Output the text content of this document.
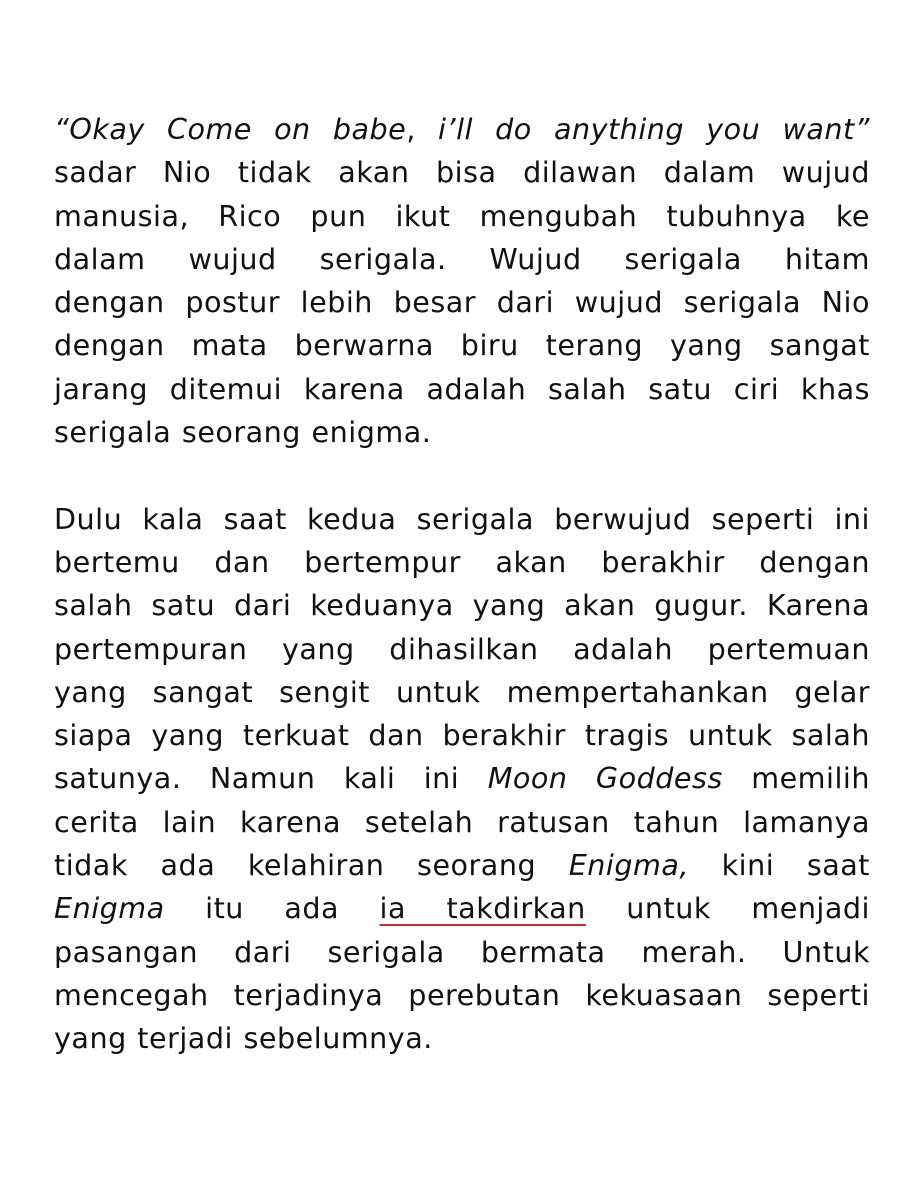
“Okay Come on babe, i’ll do anything you want”
sadar Nio tidak akan bisa dilawan dalam wujud
manusia, Rico pun ikut mengubah tubuhnya ke
dalam wujud serigala. Wujud serigala hitam
dengan postur lebih besar dari wujud serigala Nio
dengan mata berwarna biru terang yang sangat
jarang ditemui karena adalah salah satu ciri khas
serigala seorang enigma.

Dulu kala saat kedua serigala berwujud seperti ini
bertemu dan bertempur akan berakhir dengan
salah satu dari keduanya yang akan gugur. Karena
pertempuran yang dihasilkan adalah pertemuan
yang sangat sengit untuk mempertahankan gelar
siapa yang terkuat dan berakhir tragis untuk salah
satunya. Namun kali ini Moon Goddess memilih
cerita lain karena setelah ratusan tahun lamanya
tidak ada kelahiran seorang Enigma, kini saat
Enigma itu ada ia takdirkan untuk menjadi
pasangan dari serigala bermata merah. Untuk
mencegah terjadinya perebutan kekuasaan seperti
yang terjadi sebelumnya.
